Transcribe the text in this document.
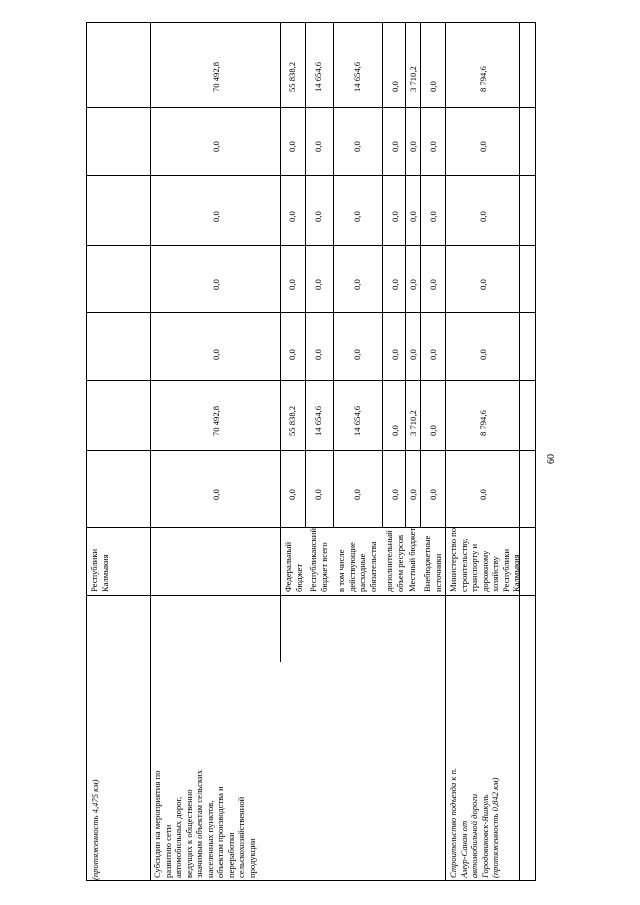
(протяженность 4,475 км)
Республики
Калмыкия
Субсидии на мероприятия по
развитию сети
автомобильных дорог,
ведущих к общественно
значимым объектам сельских
населенных пунктов,
объектам производства и
переработки
сельскохозяйственной
продукции
0,0
70 492,8
0,0
0,0
0,0
0,0
70 492,8
Федеральный
бюджет
0,0
55 838,2
0,0
0,0
0,0
0,0
55 838,2
Республиканский
бюджет всего
0,0
14 654,6
0,0
0,0
0,0
0,0
14 654,6
в том числе
действующие
расходные
обязательства
0,0
14 654,6
0,0
0,0
0,0
0,0
14 654,6
дополнительный
объем ресурсов
0,0
0,0
0,0
0,0
0,0
0,0
0,0
Местный бюджет
0,0
3 710,2
0,0
0,0
0,0
0,0
3 710,2
Внебюджетные
источники
0,0
0,0
0,0
0,0
0,0
0,0
0,0
Строительство подъезда к п.
Амур-Санан от
автомобильной дороги
Городовиковск-Яшкуль
(протяженность 0,842 км)
Министерство по
строительству,
транспорту и
дорожному
хозяйству
Республики
Калмыкия
0,0
8 794,6
0,0
0,0
0,0
0,0
8 794,6
60
